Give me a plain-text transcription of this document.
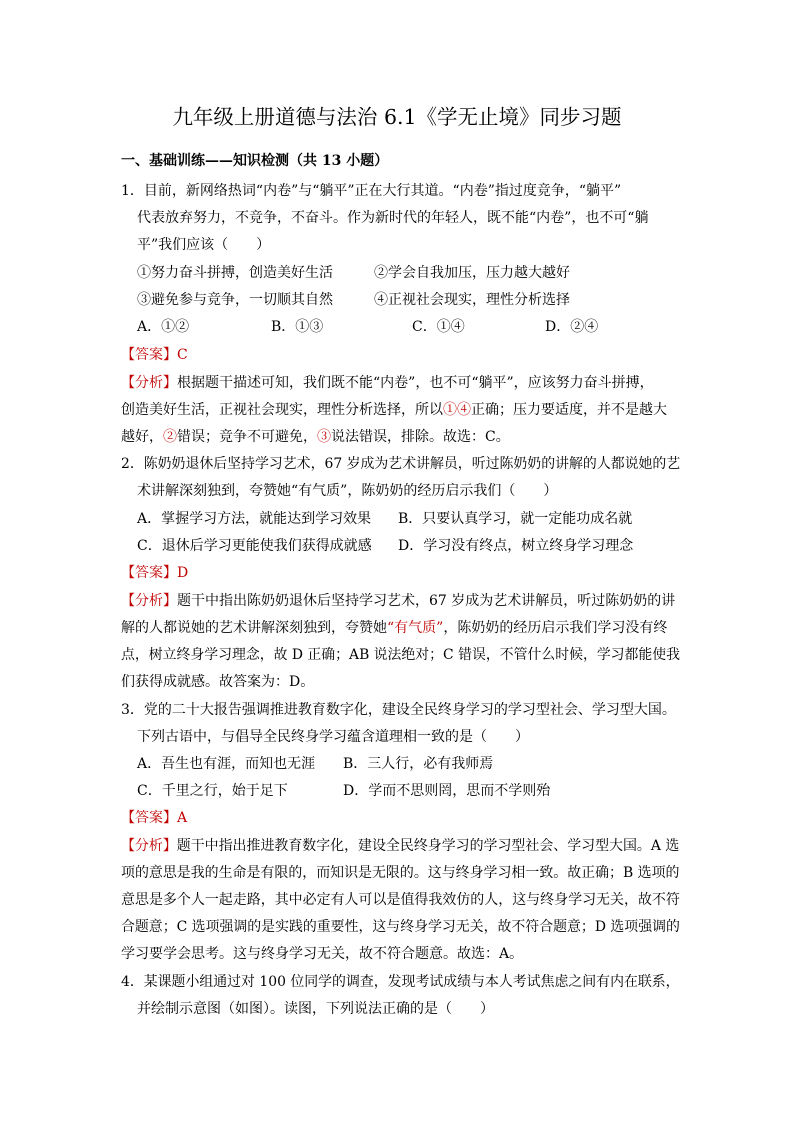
九年级上册道德与法治 6.1《学无止境》同步习题
一、基础训练——知识检测（共 13 小题）
1．目前，新网络热词“内卷”与“躺平”正在大行其道。“内卷”指过度竞争，“躺平”
代表放弃努力，不竞争，不奋斗。作为新时代的年轻人，既不能“内卷”，也不可“躺
平”我们应该（　　）
①努力奋斗拼搏，创造美好生活	②学会自我加压，压力越大越好
③避免参与竞争，一切顺其自然	④正视社会现实，理性分析选择
A．①②	B．①③	C．①④	D．②④
【答案】C
【分析】根据题干描述可知，我们既不能“内卷”，也不可“躺平”，应该努力奋斗拼搏，
创造美好生活，正视社会现实，理性分析选择，所以①④正确；压力要适度，并不是越大
越好，②错误；竞争不可避免，③说法错误，排除。故选：C。
2．陈奶奶退休后坚持学习艺术，67 岁成为艺术讲解员，听过陈奶奶的讲解的人都说她的艺
术讲解深刻独到，夸赞她“有气质”，陈奶奶的经历启示我们（　　）
A．掌握学习方法，就能达到学习效果 B．只要认真学习，就一定能功成名就
C．退休后学习更能使我们获得成就感 D．学习没有终点，树立终身学习理念
【答案】D
【分析】题干中指出陈奶奶退休后坚持学习艺术，67 岁成为艺术讲解员，听过陈奶奶的讲
解的人都说她的艺术讲解深刻独到，夸赞她“有气质”，陈奶奶的经历启示我们学习没有终
点，树立终身学习理念，故 D 正确；AB 说法绝对；C 错误，不管什么时候，学习都能使我
们获得成就感。故答案为：D。
3．党的二十大报告强调推进教育数字化，建设全民终身学习的学习型社会、学习型大国。
下列古语中，与倡导全民终身学习蕴含道理相一致的是（　　）
A．吾生也有涯，而知也无涯 B．三人行，必有我师焉
C．千里之行，始于足下	D．学而不思则罔，思而不学则殆
【答案】A
【分析】题干中指出推进教育数字化，建设全民终身学习的学习型社会、学习型大国。A 选
项的意思是我的生命是有限的，而知识是无限的。这与终身学习相一致。故正确；B 选项的
意思是多个人一起走路，其中必定有人可以是值得我效仿的人，这与终身学习无关，故不符
合题意；C 选项强调的是实践的重要性，这与终身学习无关，故不符合题意；D 选项强调的
学习要学会思考。这与终身学习无关，故不符合题意。故选：A。
4．某课题小组通过对 100 位同学的调查，发现考试成绩与本人考试焦虑之间有内在联系，
并绘制示意图（如图）。读图，下列说法正确的是（　　）
